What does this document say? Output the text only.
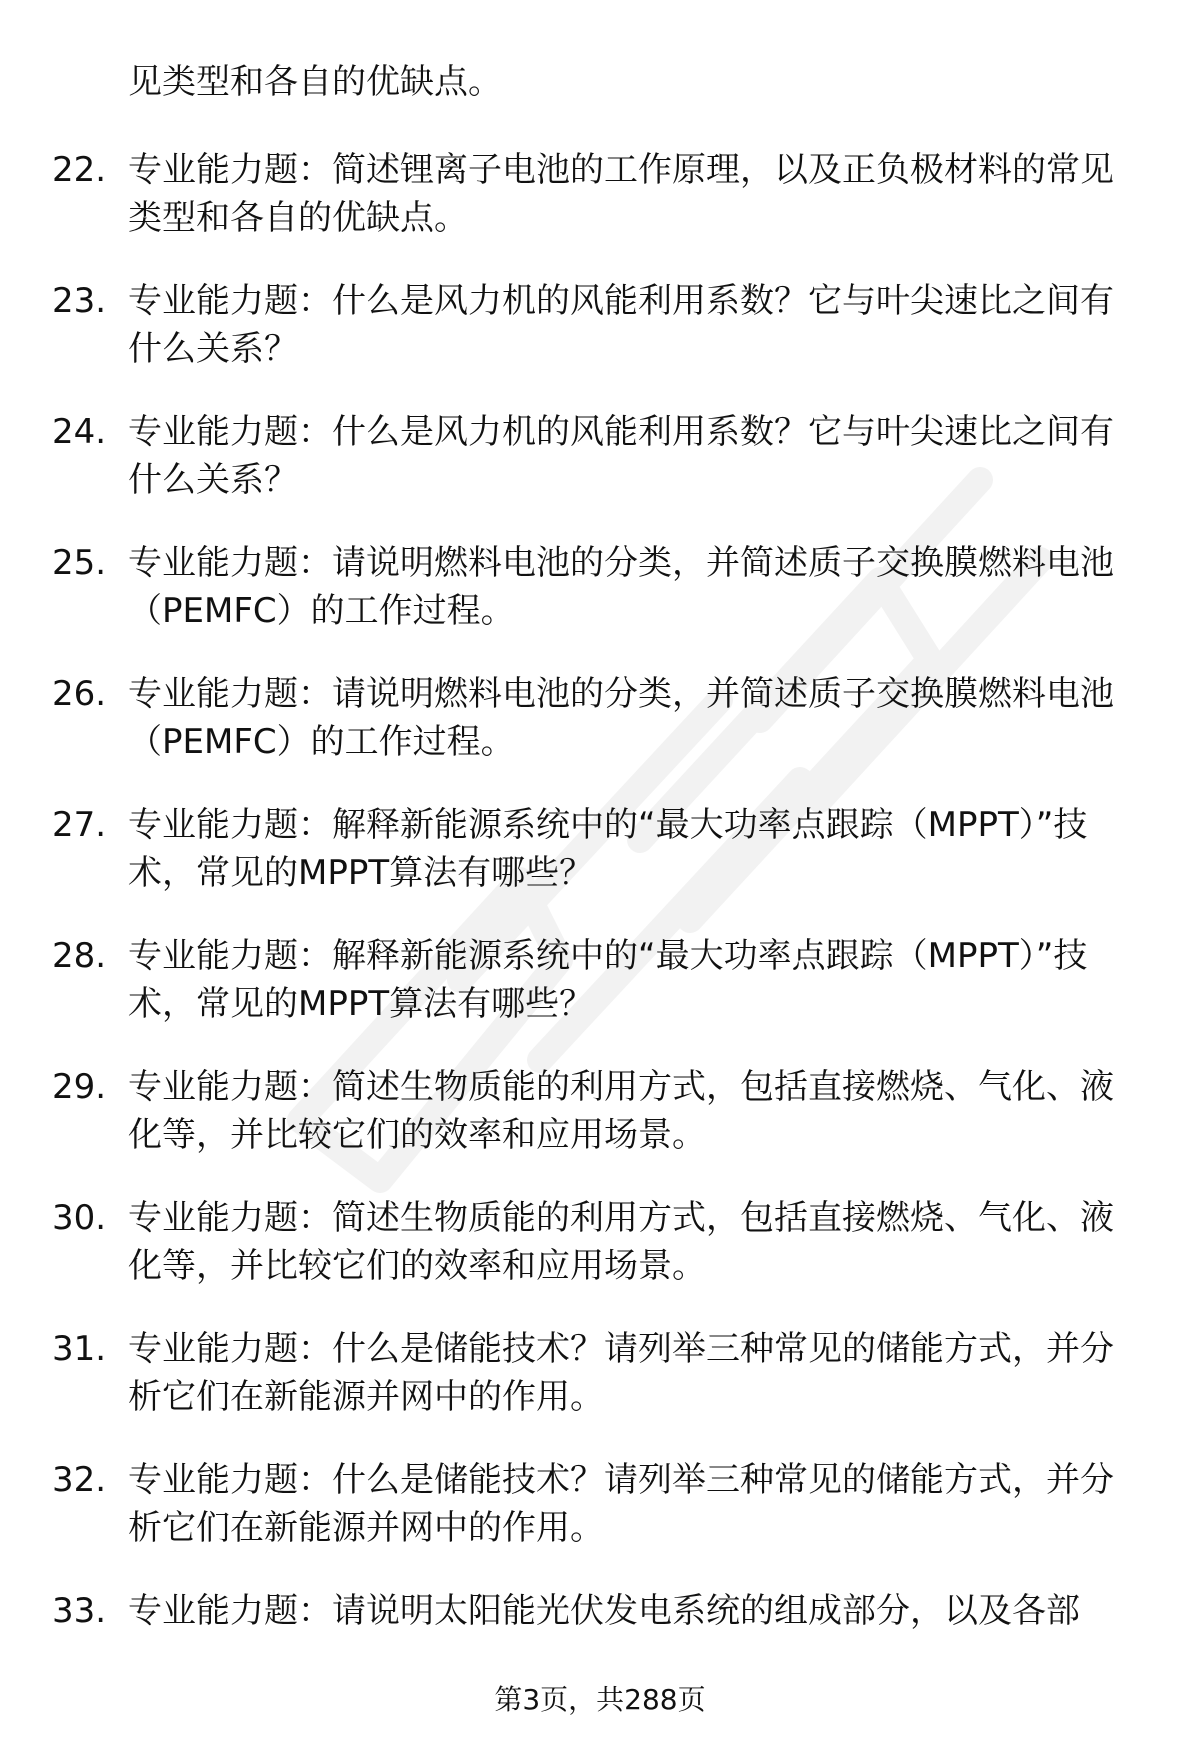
见类型和各自的优缺点。
22. 专业能力题：简述锂离子电池的工作原理，以及正负极材料的常见类型和各自的优缺点。
23. 专业能力题：什么是风力机的风能利用系数？它与叶尖速比之间有什么关系？
24. 专业能力题：什么是风力机的风能利用系数？它与叶尖速比之间有什么关系？
25. 专业能力题：请说明燃料电池的分类，并简述质子交换膜燃料电池（PEMFC）的工作过程。
26. 专业能力题：请说明燃料电池的分类，并简述质子交换膜燃料电池（PEMFC）的工作过程。
27. 专业能力题：解释新能源系统中的“最大功率点跟踪（MPPT）”技术，常见的MPPT算法有哪些？
28. 专业能力题：解释新能源系统中的“最大功率点跟踪（MPPT）”技术，常见的MPPT算法有哪些？
29. 专业能力题：简述生物质能的利用方式，包括直接燃烧、气化、液化等，并比较它们的效率和应用场景。
30. 专业能力题：简述生物质能的利用方式，包括直接燃烧、气化、液化等，并比较它们的效率和应用场景。
31. 专业能力题：什么是储能技术？请列举三种常见的储能方式，并分析它们在新能源并网中的作用。
32. 专业能力题：什么是储能技术？请列举三种常见的储能方式，并分析它们在新能源并网中的作用。
33. 专业能力题：请说明太阳能光伏发电系统的组成部分，以及各部
第3页，共288页
